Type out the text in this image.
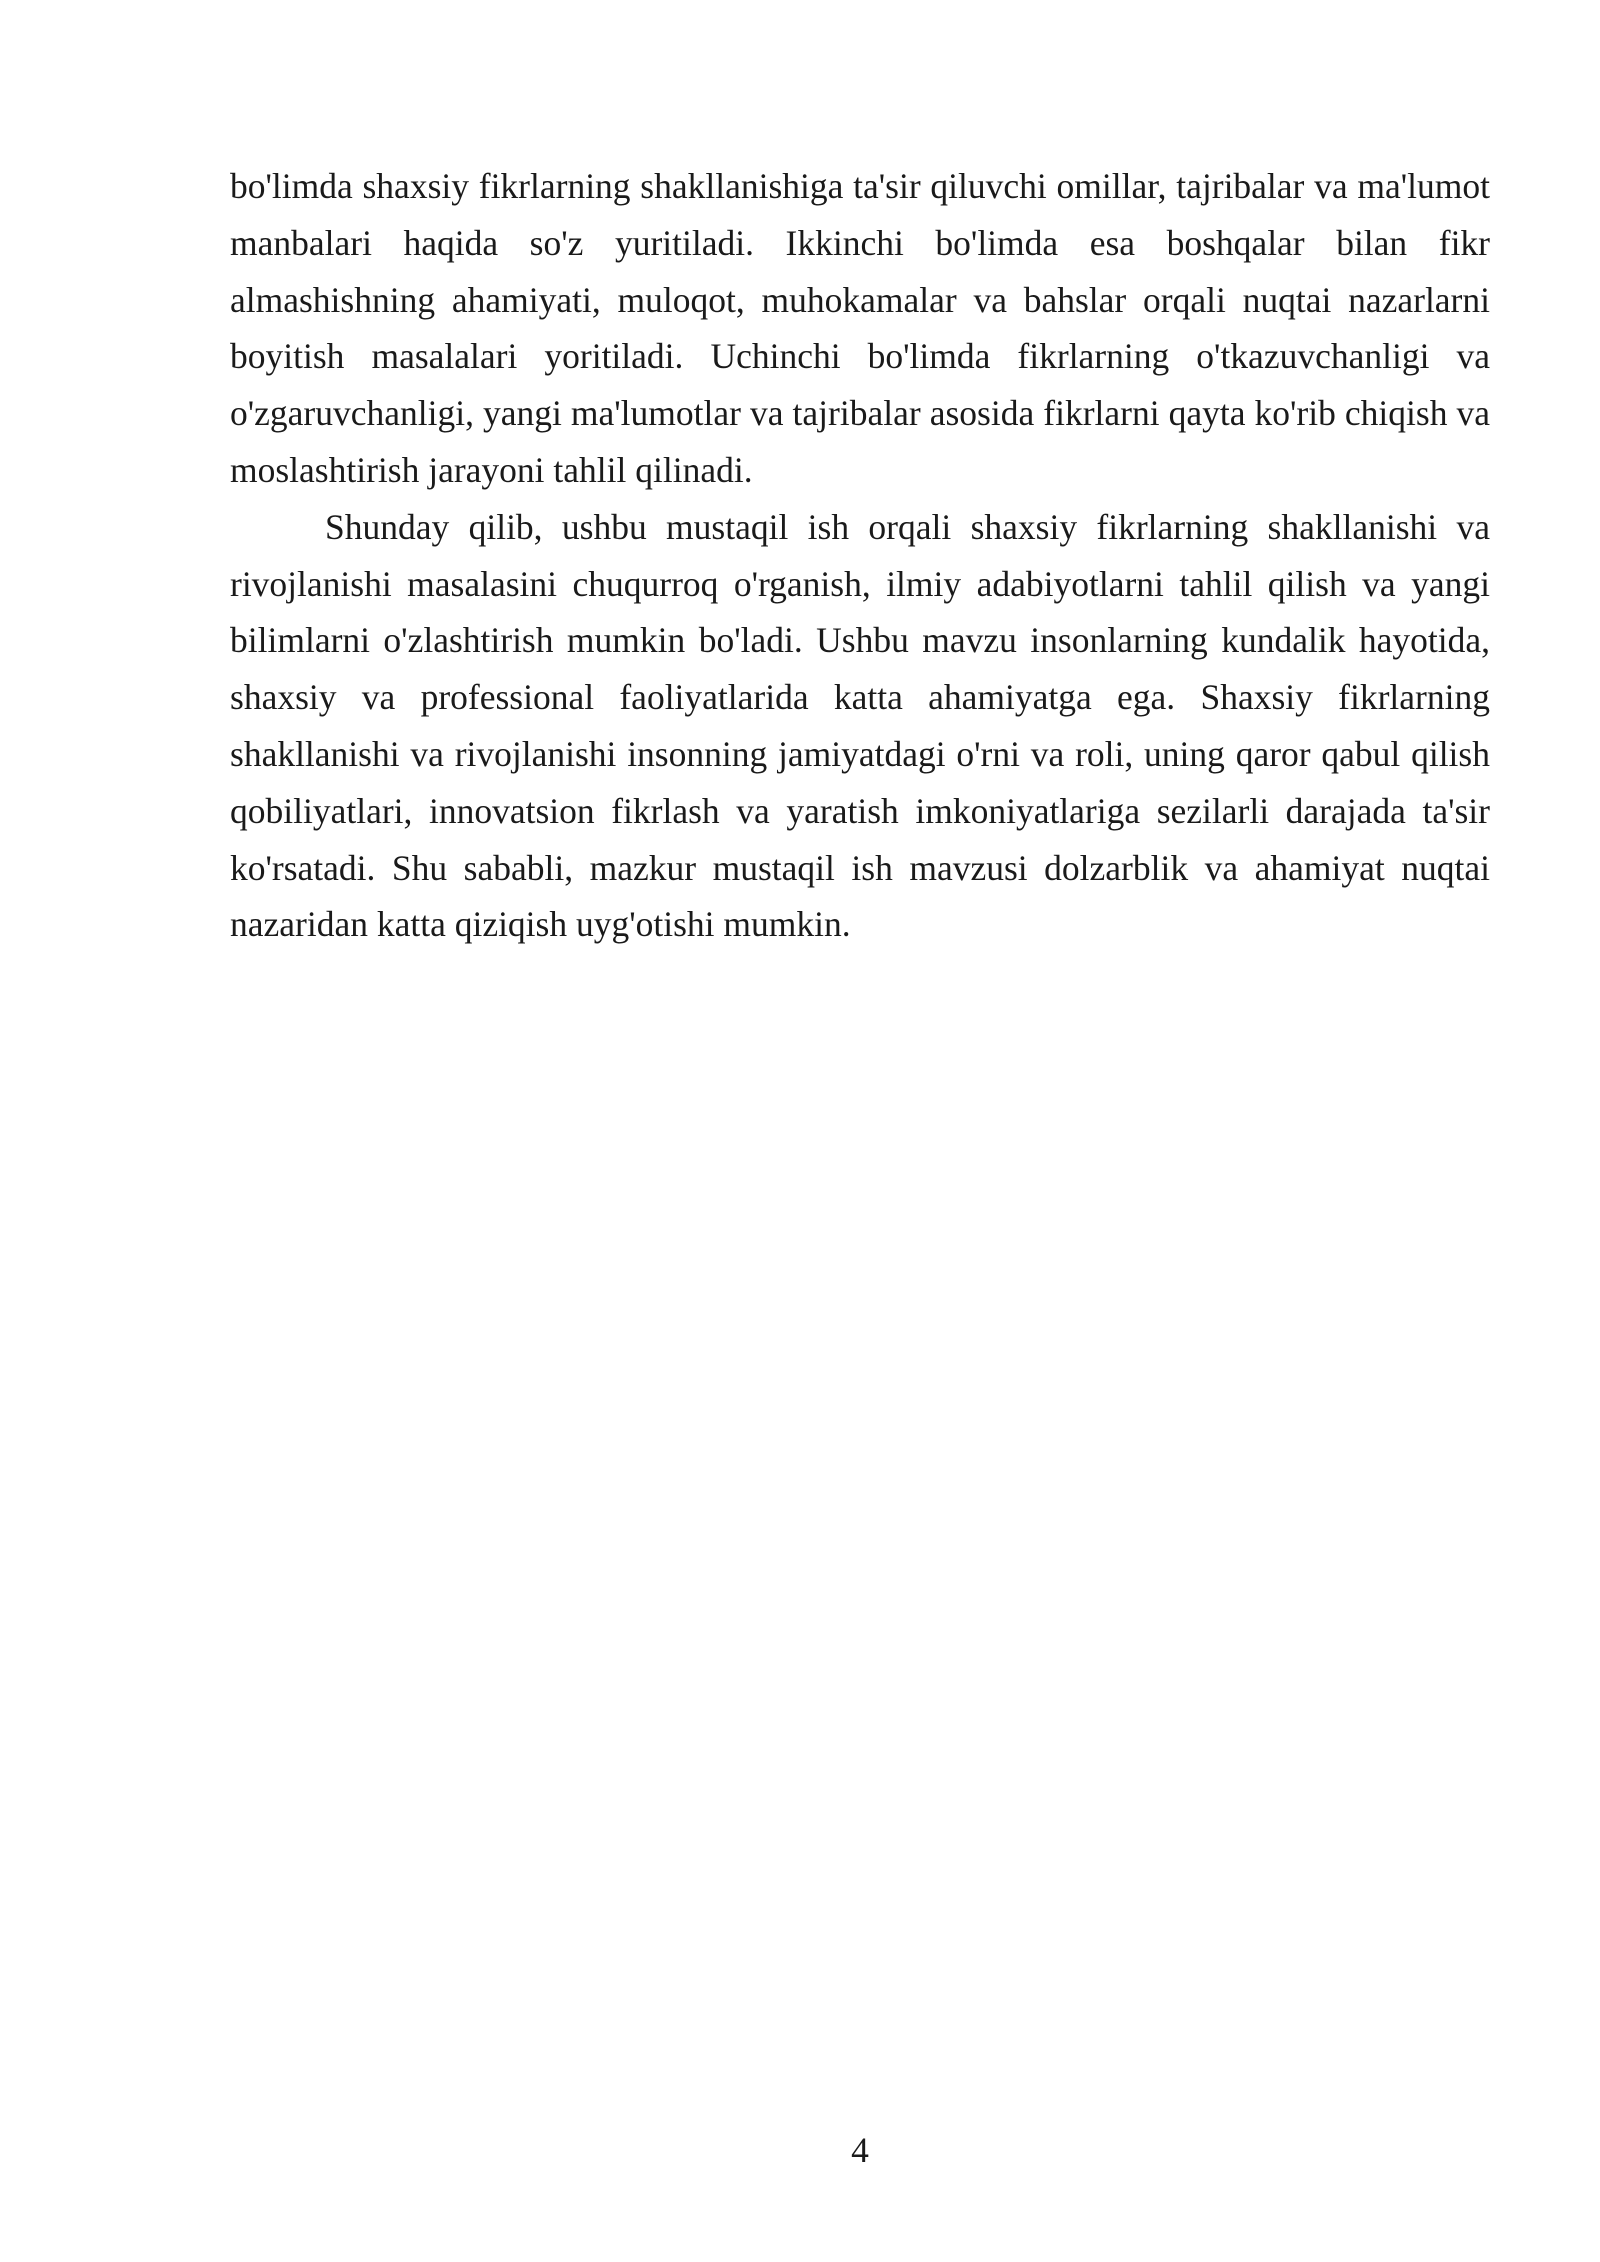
bo'limda shaxsiy fikrlarning shakllanishiga ta'sir qiluvchi omillar, tajribalar va ma'lumot manbalari haqida so'z yuritiladi. Ikkinchi bo'limda esa boshqalar bilan fikr almashishning ahamiyati, muloqot, muhokamalar va bahslar orqali nuqtai nazarlarni boyitish masalalari yoritiladi. Uchinchi bo'limda fikrlarning o'tkazuvchanligi va o'zgaruvchanligi, yangi ma'lumotlar va tajribalar asosida fikrlarni qayta ko'rib chiqish va moslashtirish jarayoni tahlil qilinadi.

Shunday qilib, ushbu mustaqil ish orqali shaxsiy fikrlarning shakllanishi va rivojlanishi masalasini chuqurroq o'rganish, ilmiy adabiyotlarni tahlil qilish va yangi bilimlarni o'zlashtirish mumkin bo'ladi. Ushbu mavzu insonlarning kundalik hayotida, shaxsiy va professional faoliyatlarida katta ahamiyatga ega. Shaxsiy fikrlarning shakllanishi va rivojlanishi insonning jamiyatdagi o'rni va roli, uning qaror qabul qilish qobiliyatlari, innovatsion fikrlash va yaratish imkoniyatlariga sezilarli darajada ta'sir ko'rsatadi. Shu sababli, mazkur mustaqil ish mavzusi dolzarblik va ahamiyat nuqtai nazaridan katta qiziqish uyg'otishi mumkin.

4
